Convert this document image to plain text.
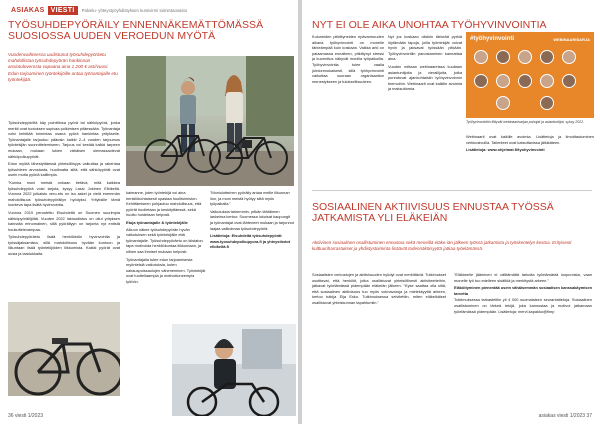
ASIAKAS VIESTI	Palvelu- yhteystyöyhdistyksen kumivirmi toimintaosasto
TYÖSUHDEPYÖRÄILY ENNENNÄKEMÄTTÖMÄSSÄ SUOSIOSSA UUDEN VEROEDUN MYÖTÄ
Vuodenvaihteessa uudistunut työsuhdepyöräetu mahdollistaa työsuhdepyörän hankinnan ansiotuloverosta vapaana aina 1 200 € asti/vuosi. Edun tarjoaminen työntekijöille antaa työnantajalle etu työntekijää.

Työsuhdepyöriltä käy pointtiinsa pyörä tai sähköpyörä, jonka merkit ovat tuotoksen sopivaa polkimisen pitäessään. Työnantaja voisi kehittää toimintaa osana pyörä hankintaa yritykselle. Työnantajalle tarjoutuu pääosin kaikki 2–4 vuoden tarjoumus työntekijän suunnittelemiseen. Tarjous voi kestää kaikki tarpeen mukaan, mukaan lukien vähäisen olemassaolevat sähköpolkupyörät.

Edun myötä lähestyttäessä yhteisöllisyys vaikuttaa ja rakentaa työsuhteen arvostusta, huolimatta siitä, että sähköpyörät ovat usein muita pyöriä kalliimpia.

"Kuinka moni meistä onkaan tietävä, mitä kaikkea työsuhdepyörä voisi tarjota, kysyy Lassi Jokinen Elbikeltä. Vuonna 2022 julkaistu vero-etu on iso askel ja vielä enemmän mahdollisuus työsuhdepyöräilyn hyödyksi. Yrityksille tämä luonteva tapa lisätä hyvinvointia.

Vuonna 2019 perustettu Elsuhdeitä on Suomen suurimpia sähköpyöräilijöitä. Vuoden 2022 lakiuudistus on ollut yrityksen kannalta erinomainen, sillä pyöräilyyn on tarjonta nyt entistä houkuttelevampaa.

Työsuhdepyöräetu lisää henkilöstön hyvinvointia ja työssäjaksamista, sillä mahdollisuus hyvään kuntoon ja liikuntaan lisää työntekijöiden liikkumista. Kaikki pyörät ovat uusia ja laadukkaita.

kaimanne, joten työntekijä voi aina henkilökohtaisesti opastaa huolitoimiston. Kehittämiseen pohjautuu mahdollisuus, että pyörät huolletaan ja keskityttäessä, sekä huolto hoidetaan helposti.

Etuja työnantajalle & työntekijälle

Alkuun näkee työsuhdepyörän hyvän vaikutuksen sekä työntekijälle että työnantajalle. Työsuhdepyöräetu on kiistaton tapa motivoida henkilökuntaa liikkumaan, ja siihen saa ihmiset mukaan helposti.

Työnantajalla tulee edun tarjoamisesta myönteisiä vaikutuksia, kuten sairauspoissaolojen väheneminen. Työntekijät ovat tuotteliaampia ja motivoituneempia työhön.

"Moniulotteinen pyöräily antaa meille liikunnan ilon, ja moni meistä hyötyy siitä myös työpaikalla."

Vaikutuksia tarkemmin, pitkän tähtäimen laskelma kertoo: Suomessa lukuisat kaupungit ja työnantajat ovat lähteneet mukaan ja tarjonnut laajaa valikoimaa työsuhdepyöriä.

Lisätietoja: Elsuhdeitä työsuhdepyörät www.tyosuhdepolkupyora.fi ja yhteystiedot elbikeitä.fi

36 viesti 1/2023
NYT EI OLE AIKA UNOHTAA TYÖHYVINVOINTIA

Kuluneiden pitkittyneiden epävarmuuden aikana työhyvinvointi on monelle tärkeämpää kuin koskaan. Vaikka arki on palaamassa ennalleen, pitkittynyt stressi ja kuormitus näkyvät monilla työpaikoilla. Työhyvinvointia tulee vaalia johdonmukaisesti, sillä työhyvinvointi vaikuttaa suoraan organisaation menestykseen ja tuloksellisuuteen.

Nyt jos koskaan olisikin tärkeää pyrkiä löytämään tapoja, joilla työntekijät voivat hyvin ja jaksavat työssään pitkään. Työhyvinvointiin panostaminen kannattaa aina.

Vuoden mittaan webinaareissa kuullaan asiantuntijoita ja vierailijoita, jotka pureutuvat ajankohtaisiin työhyvinvoinnin teemoihin. Webinaarit ovat kaikille avoimia ja maksuttomia.

#työhyvinvointi	WEBINAARISARJA
Työhyvinvointiin liittyvät webinaarisarjan puhujat ja asiantuntijat, syksy 2022.

Webinaarit ovat kaikille avoimia. Lisätietoja ja ilmoittautuminen verkkosivuilla. Tallenteet ovat katsottavissa jälkikäteen.

Lisätietoja: www.ohjelmat.fi/tyohyvinvointi

SOSIAALINEN AKTIIVISUUS ENNUSTAA TYÖSSÄ JATKAMISTA YLI ELÄKEIÄN
Aktiivinen sosiaalinen osallistuminen ennustaa sekä meneillä eläke-iän jälkeen työssä jatkamista ja työskentelyn kestoa. Erityisesti kulttuuriharrastukset ja yhdistystoiminta lisäävät todennäköisyyttä jatkaa työelämässä.

Sosiaalisten verkostojen ja aktiivisuuden hyödyt ovat merkittäviä. Tutkimukset osoittavat, että henkilöt, jotka osallistuvat yhteisöllisesti aktiviteetteihin, jatkavat työelämässä pidempään eläkeiän jälkeen. "Kyse saattaa olla siitä, että sosiaalinen aktiivisuus tuo myös voimavaroja ja mielekkyyttä arkeen, kertoo tutkija Eija Esko. Tutkimuksessa selvitettiin, miten eläkeikäiset osallistuvat yhteiskunnan tapahtumiin."

"Eläkkeelle jääminen ei välttämättä tarkoita työelämästä luopumista, vaan monelle työ tuo edelleen sisältöä ja merkitystä arkeen."

Eläköityminen pienentää usein vähäisemmän sosiaalisen kanssakäymisen tarvetta

Tutkimuksessa tarkasteltiin yli 4 000 suomalaisen seurantatietoja. Sosiaalinen osallistuminen on tärkeä tekijä, joka kannustaa ja motivoi jatkamaan työelämässä pidempään. Lisätietoja: mervi.kapakko@fimp

asiakas viesti 1/2023 37
